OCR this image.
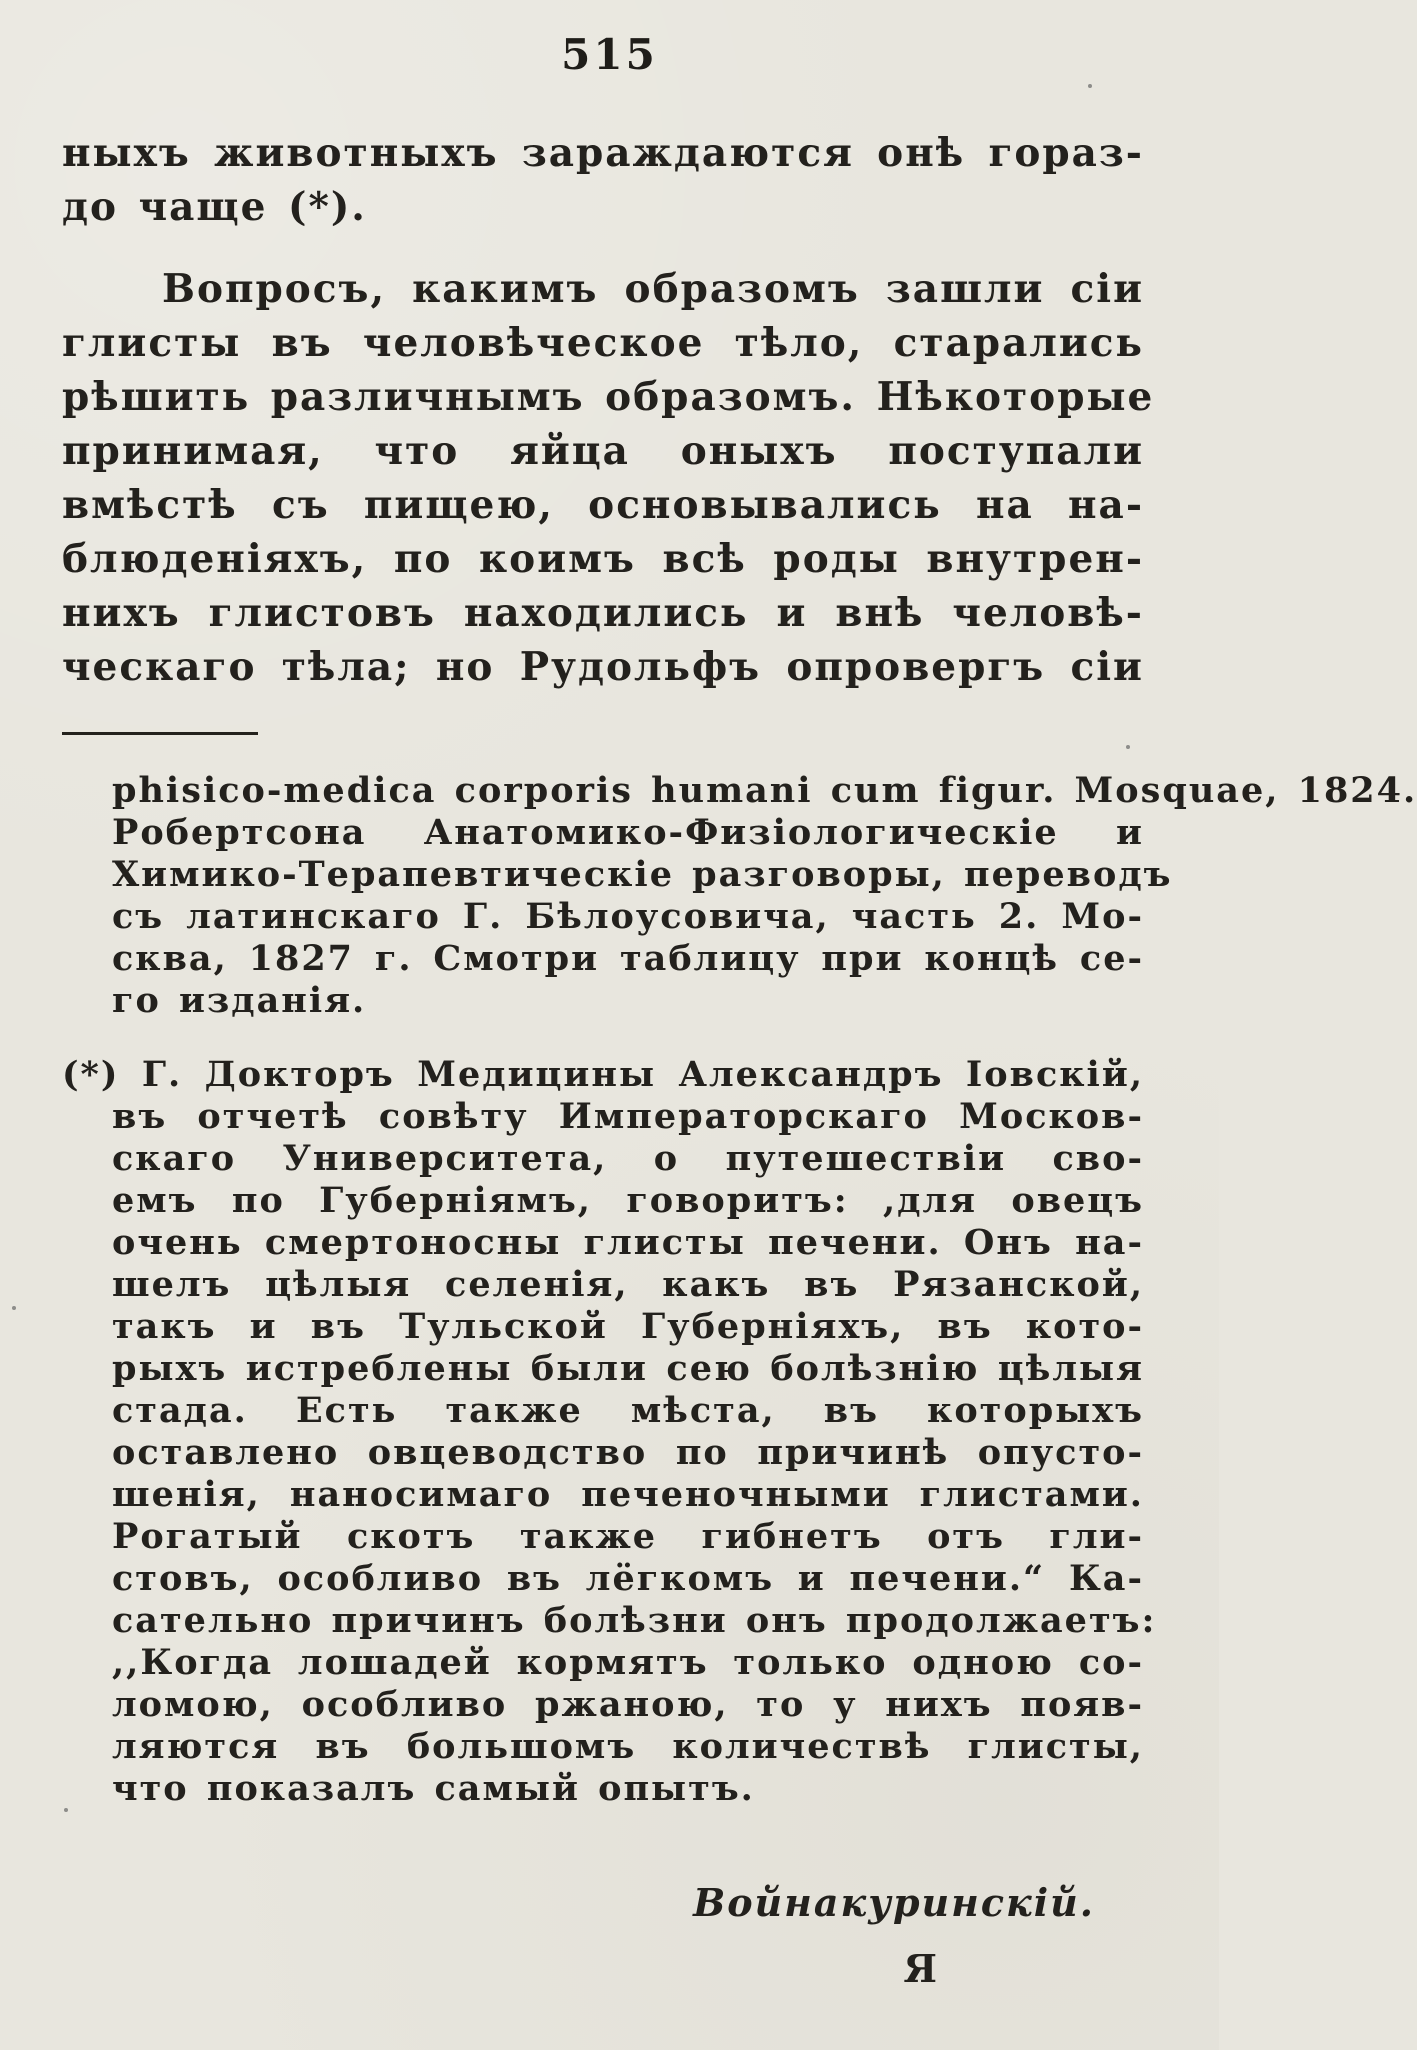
515
ныхъ животныхъ зараждаются онѣ горaз-
до чаще (*).
Вопросъ, какимъ образомъ зашли сіи
глисты въ человѣческое тѣло, старались
рѣшить различнымъ образомъ. Нѣкоторые
принимая, что яйца оныхъ поступали
вмѣстѣ съ пищею, основывались на на-
блюденіяхъ, по коимъ всѣ роды внутрен-
нихъ глистовъ находились и внѣ человѣ-
ческаго тѣла; но Рудольфъ опровергъ сіи
phisico-medica corporis humani cum figur. Mosquae, 1824.
Робертсона Анатомико-Физіологическіе и
Химико-Терапевтическіе разговоры, переводъ
съ латинскаго Г. Бѣлоусовича, часть 2. Мо-
сква, 1827 г. Смотри таблицу при концѣ се-
го изданія.
(*) Г. Докторъ Медицины Александръ Іовскій,
въ отчетѣ совѣту Императорскаго Москов-
скаго Университета, о путешествіи сво-
емъ по Губерніямъ, говоритъ: ,для овецъ
очень смертоносны глисты печени. Онъ на-
шелъ цѣлыя селенія, какъ въ Рязанской,
такъ и въ Тульской Губерніяхъ, въ кото-
рыхъ истреблены были сею болѣзнію цѣлыя
стада. Есть также мѣста, въ которыхъ
оставлено овцеводство по причинѣ опусто-
шенія, наносимаго печеночными глистами.
Рогатый скотъ также гибнетъ отъ гли-
стовъ, особливо въ лёгкомъ и печени.“ Ка-
сательно причинъ болѣзни онъ продолжаетъ:
,,Когда лошадей кормятъ только одною со-
ломою, особливо ржаною, то у нихъ появ-
ляются въ большомъ количествѣ глисты,
что показалъ самый опытъ.
Войнакуринскій.
Я
